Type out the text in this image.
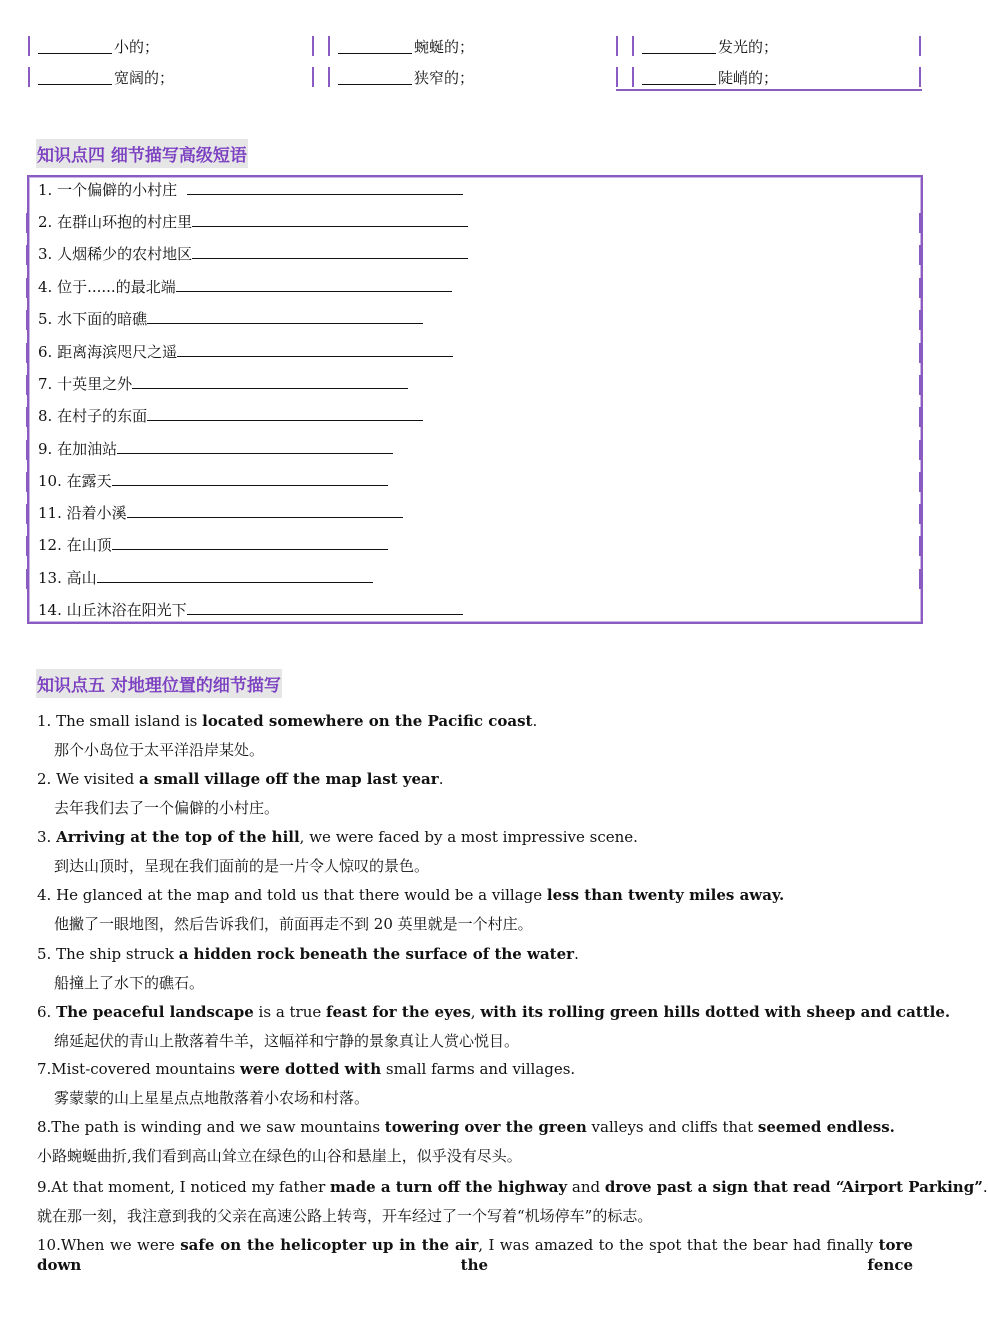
小的；	蜿蜒的；	发光的；
宽阔的；	狭窄的；	陡峭的；
知识点四 细节描写高级短语
1. 一个偏僻的小村庄
2. 在群山环抱的村庄里
3. 人烟稀少的农村地区
4. 位于......的最北端
5. 水下面的暗礁
6. 距离海滨咫尺之遥
7. 十英里之外
8. 在村子的东面
9. 在加油站
10. 在露天
11. 沿着小溪
12. 在山顶
13. 高山
14. 山丘沐浴在阳光下
知识点五 对地理位置的细节描写
1. The small island is located somewhere on the Pacific coast.
那个小岛位于太平洋沿岸某处。
2. We visited a small village off the map last year.
去年我们去了一个偏僻的小村庄。
3. Arriving at the top of the hill, we were faced by a most impressive scene.
到达山顶时，呈现在我们面前的是一片令人惊叹的景色。
4. He glanced at the map and told us that there would be a village less than twenty miles away.
他撇了一眼地图，然后告诉我们，前面再走不到 20 英里就是一个村庄。
5. The ship struck a hidden rock beneath the surface of the water.
船撞上了水下的礁石。
6. The peaceful landscape is a true feast for the eyes, with its rolling green hills dotted with sheep and cattle.
绵延起伏的青山上散落着牛羊，这幅祥和宁静的景象真让人赏心悦目。
7.Mist-covered mountains were dotted with small farms and villages.
雾蒙蒙的山上星星点点地散落着小农场和村落。
8.The path is winding and we saw mountains towering over the green valleys and cliffs that seemed endless.
小路蜿蜒曲折,我们看到高山耸立在绿色的山谷和悬崖上，似乎没有尽头。
9.At that moment, I noticed my father made a turn off the highway and drove past a sign that read “Airport Parking”.
就在那一刻，我注意到我的父亲在高速公路上转弯，开车经过了一个写着“机场停车”的标志。
10.When we were safe on the helicopter up in the air, I was amazed to the spot that the bear had finally tore down the fence
